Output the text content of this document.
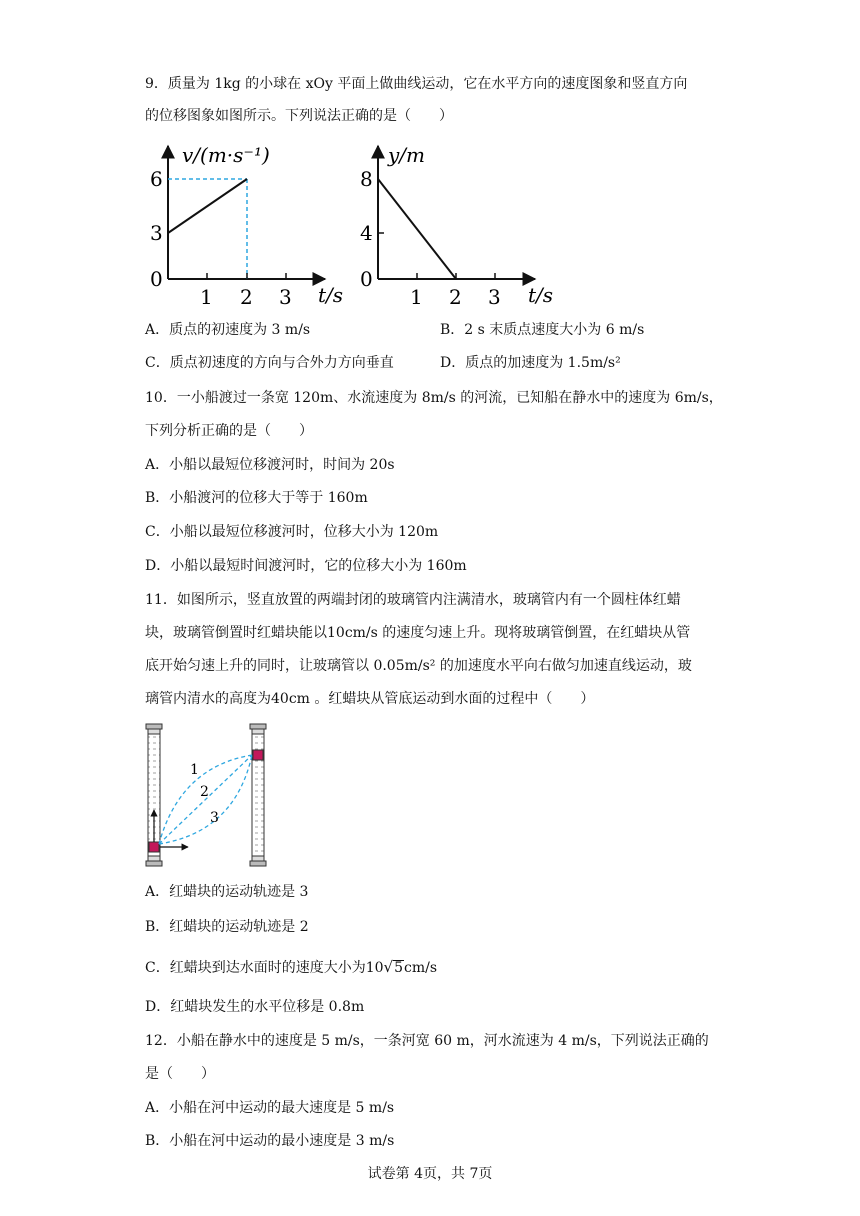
9．质量为 1kg 的小球在 xOy 平面上做曲线运动，它在水平方向的速度图象和竖直方向
的位移图象如图所示。下列说法正确的是（　　）
v/(m·s⁻¹)
6
3
0
1 2 3 t/s
y/m
8
4
0
1 2 3 t/s
A．质点的初速度为 3 m/s	B．2 s 末质点速度大小为 6 m/s
C．质点初速度的方向与合外力方向垂直	D．质点的加速度为 1.5m/s²
10．一小船渡过一条宽 120m、水流速度为 8m/s 的河流，已知船在静水中的速度为 6m/s，
下列分析正确的是（　　）
A．小船以最短位移渡河时，时间为 20s
B．小船渡河的位移大于等于 160m
C．小船以最短位移渡河时，位移大小为 120m
D．小船以最短时间渡河时，它的位移大小为 160m
11．如图所示，竖直放置的两端封闭的玻璃管内注满清水，玻璃管内有一个圆柱体红蜡
块，玻璃管倒置时红蜡块能以10cm/s 的速度匀速上升。现将玻璃管倒置，在红蜡块从管
底开始匀速上升的同时，让玻璃管以 0.05m/s² 的加速度水平向右做匀加速直线运动，玻
璃管内清水的高度为40cm 。红蜡块从管底运动到水面的过程中（　　）
1
2
3
A．红蜡块的运动轨迹是 3
B．红蜡块的运动轨迹是 2
C．红蜡块到达水面时的速度大小为10√5cm/s
D．红蜡块发生的水平位移是 0.8m
12．小船在静水中的速度是 5 m/s，一条河宽 60 m，河水流速为 4 m/s，下列说法正确的
是（　　）
A．小船在河中运动的最大速度是 5 m/s
B．小船在河中运动的最小速度是 3 m/s
试卷第 4页，共 7页
